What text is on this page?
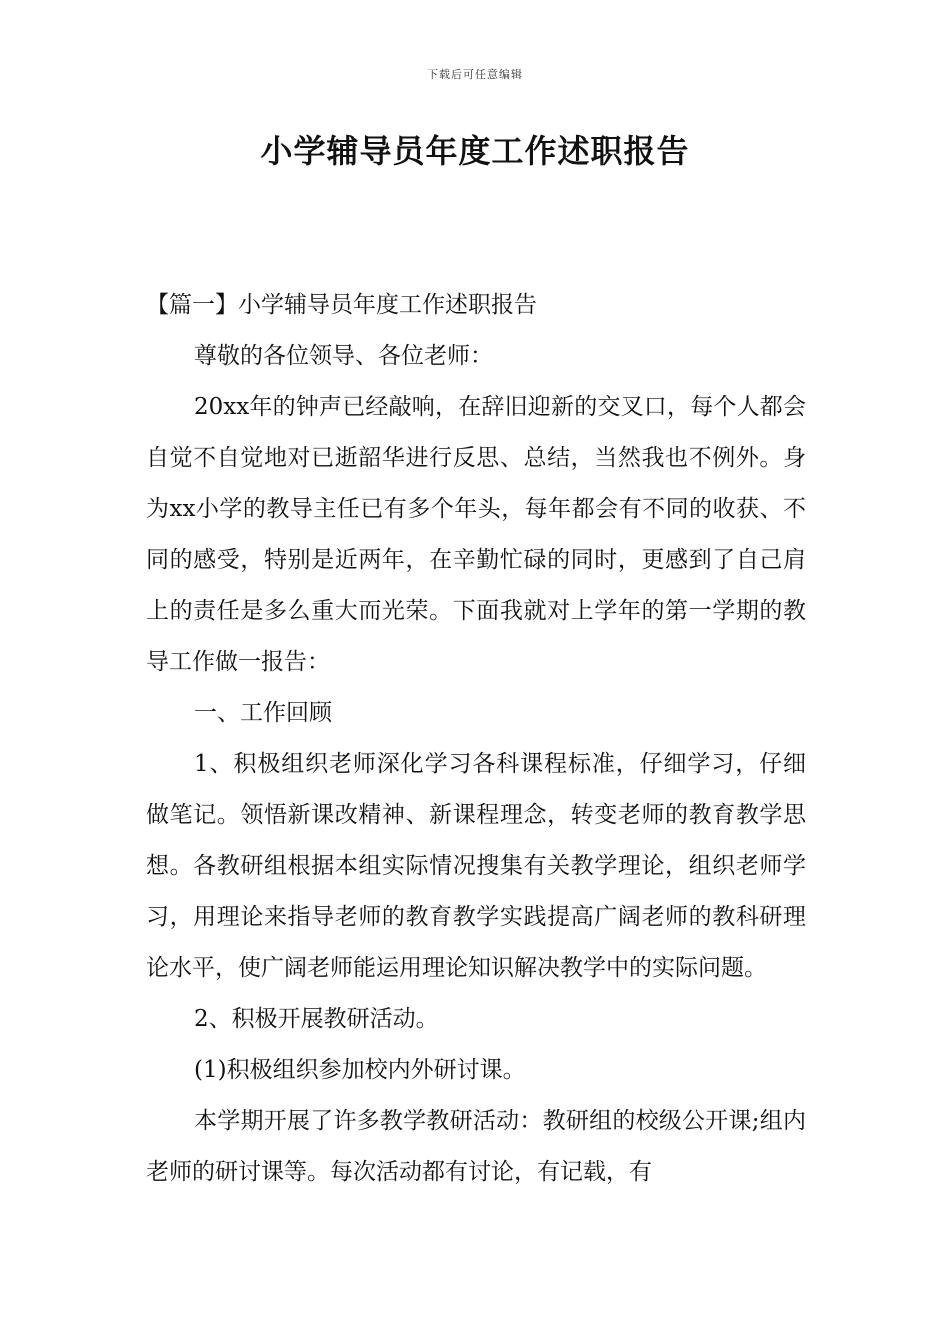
下载后可任意编辑
小学辅导员年度工作述职报告

【篇一】小学辅导员年度工作述职报告

尊敬的各位领导、各位老师：

20xx年的钟声已经敲响，在辞旧迎新的交叉口，每个人都会自觉不自觉地对已逝韶华进行反思、总结，当然我也不例外。身为xx小学的教导主任已有多个年头，每年都会有不同的收获、不同的感受，特别是近两年，在辛勤忙碌的同时，更感到了自己肩上的责任是多么重大而光荣。下面我就对上学年的第一学期的教导工作做一报告：

一、工作回顾

1、积极组织老师深化学习各科课程标准，仔细学习，仔细做笔记。领悟新课改精神、新课程理念，转变老师的教育教学思想。各教研组根据本组实际情况搜集有关教学理论，组织老师学习，用理论来指导老师的教育教学实践提高广阔老师的教科研理论水平，使广阔老师能运用理论知识解决教学中的实际问题。

2、积极开展教研活动。

(1)积极组织参加校内外研讨课。

本学期开展了许多教学教研活动：教研组的校级公开课;组内老师的研讨课等。每次活动都有讨论，有记载，有
